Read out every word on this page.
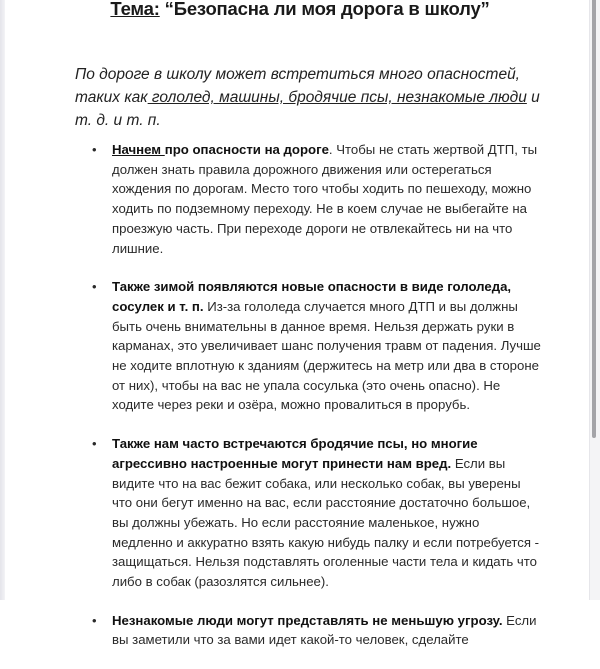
Тема: “Безопасна ли моя дорога в школу”
По дороге в школу может встретиться много опасностей, таких как гололед, машины, бродячие псы, незнакомые люди и т. д. и т. п.
• Начнем про опасности на дороге. Чтобы не стать жертвой ДТП, ты должен знать правила дорожного движения или остерегаться хождения по дорогам. Место того чтобы ходить по пешеходу, можно ходить по подземному переходу. Не в коем случае не выбегайте на проезжую часть. При переходе дороги не отвлекайтесь ни на что лишние.
• Также зимой появляются новые опасности в виде гололеда, сосулек и т. п. Из-за гололеда случается много ДТП и вы должны быть очень внимательны в данное время. Нельзя держать руки в карманах, это увеличивает шанс получения травм от падения. Лучше не ходите вплотную к зданиям (держитесь на метр или два в стороне от них), чтобы на вас не упала сосулька (это очень опасно). Не ходите через реки и озёра, можно провалиться в прорубь.
• Также нам часто встречаются бродячие псы, но многие агрессивно настроенные могут принести нам вред. Если вы видите что на вас бежит собака, или несколько собак, вы уверены что они бегут именно на вас, если расстояние достаточно большое, вы должны убежать. Но если расстояние маленькое, нужно медленно и аккуратно взять какую нибудь палку и если потребуется - защищаться. Нельзя подставлять оголенные части тела и кидать что либо в собак (разозлятся сильнее).
• Незнакомые люди могут представлять не меньшую угрозу. Если вы заметили что за вами идет какой-то человек, сделайте
